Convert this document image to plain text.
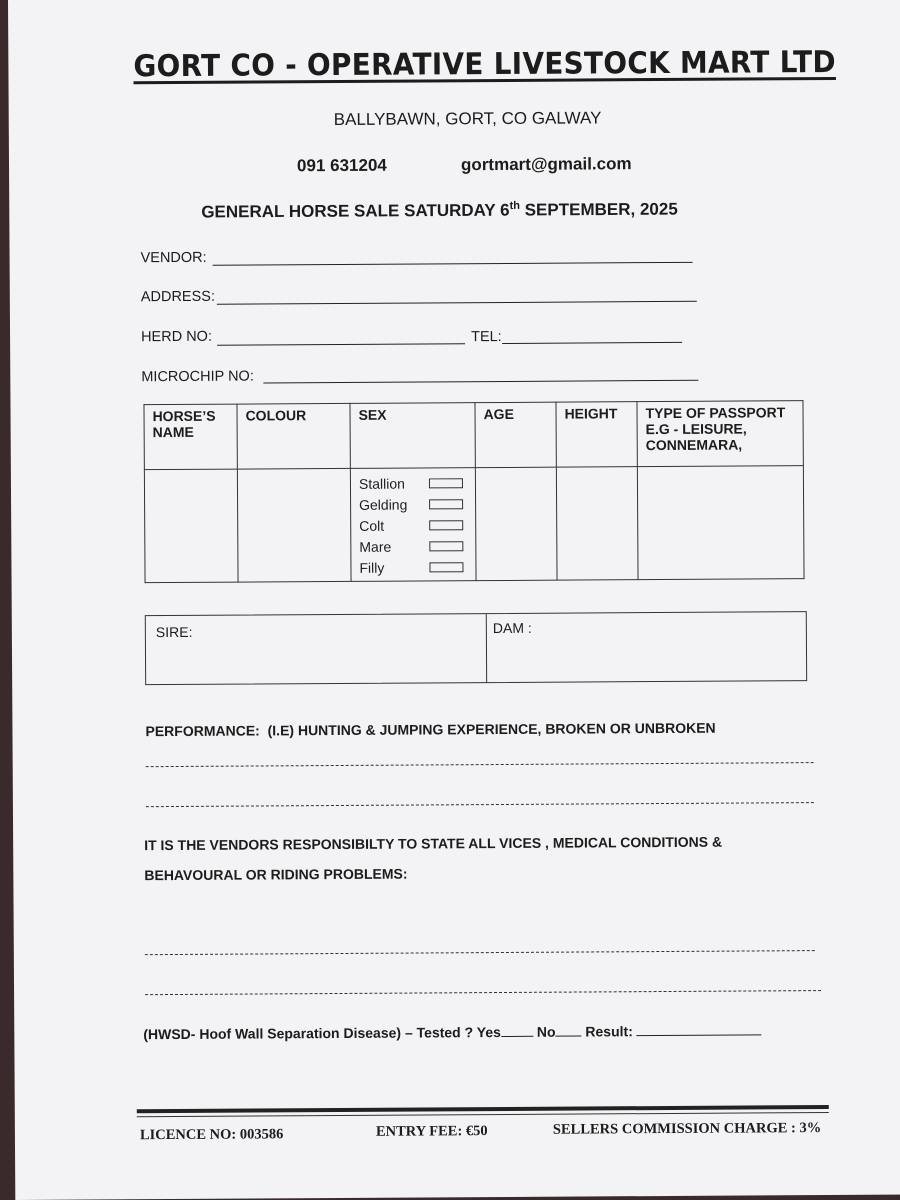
GORT CO - OPERATIVE LIVESTOCK MART LTD
BALLYBAWN, GORT, CO GALWAY
091 631204	gortmart@gmail.com
GENERAL HORSE SALE SATURDAY 6th SEPTEMBER, 2025
VENDOR:
ADDRESS:
HERD NO:	TEL:
MICROCHIP NO:
HORSE’S NAME	COLOUR	SEX	AGE	HEIGHT	TYPE OF PASSPORT E.G - LEISURE, CONNEMARA,

		Stallion
Gelding
Colt
Mare
Filly			

SIRE:	DAM :
PERFORMANCE: (I.E) HUNTING & JUMPING EXPERIENCE, BROKEN OR UNBROKEN
IT IS THE VENDORS RESPONSIBILTY TO STATE ALL VICES , MEDICAL CONDITIONS &
BEHAVOURAL OR RIDING PROBLEMS:
(HWSD- Hoof Wall Separation Disease) – Tested ? Yes	No Result:
LICENCE NO: 003586	ENTRY FEE: €50	SELLERS COMMISSION CHARGE : 3%
